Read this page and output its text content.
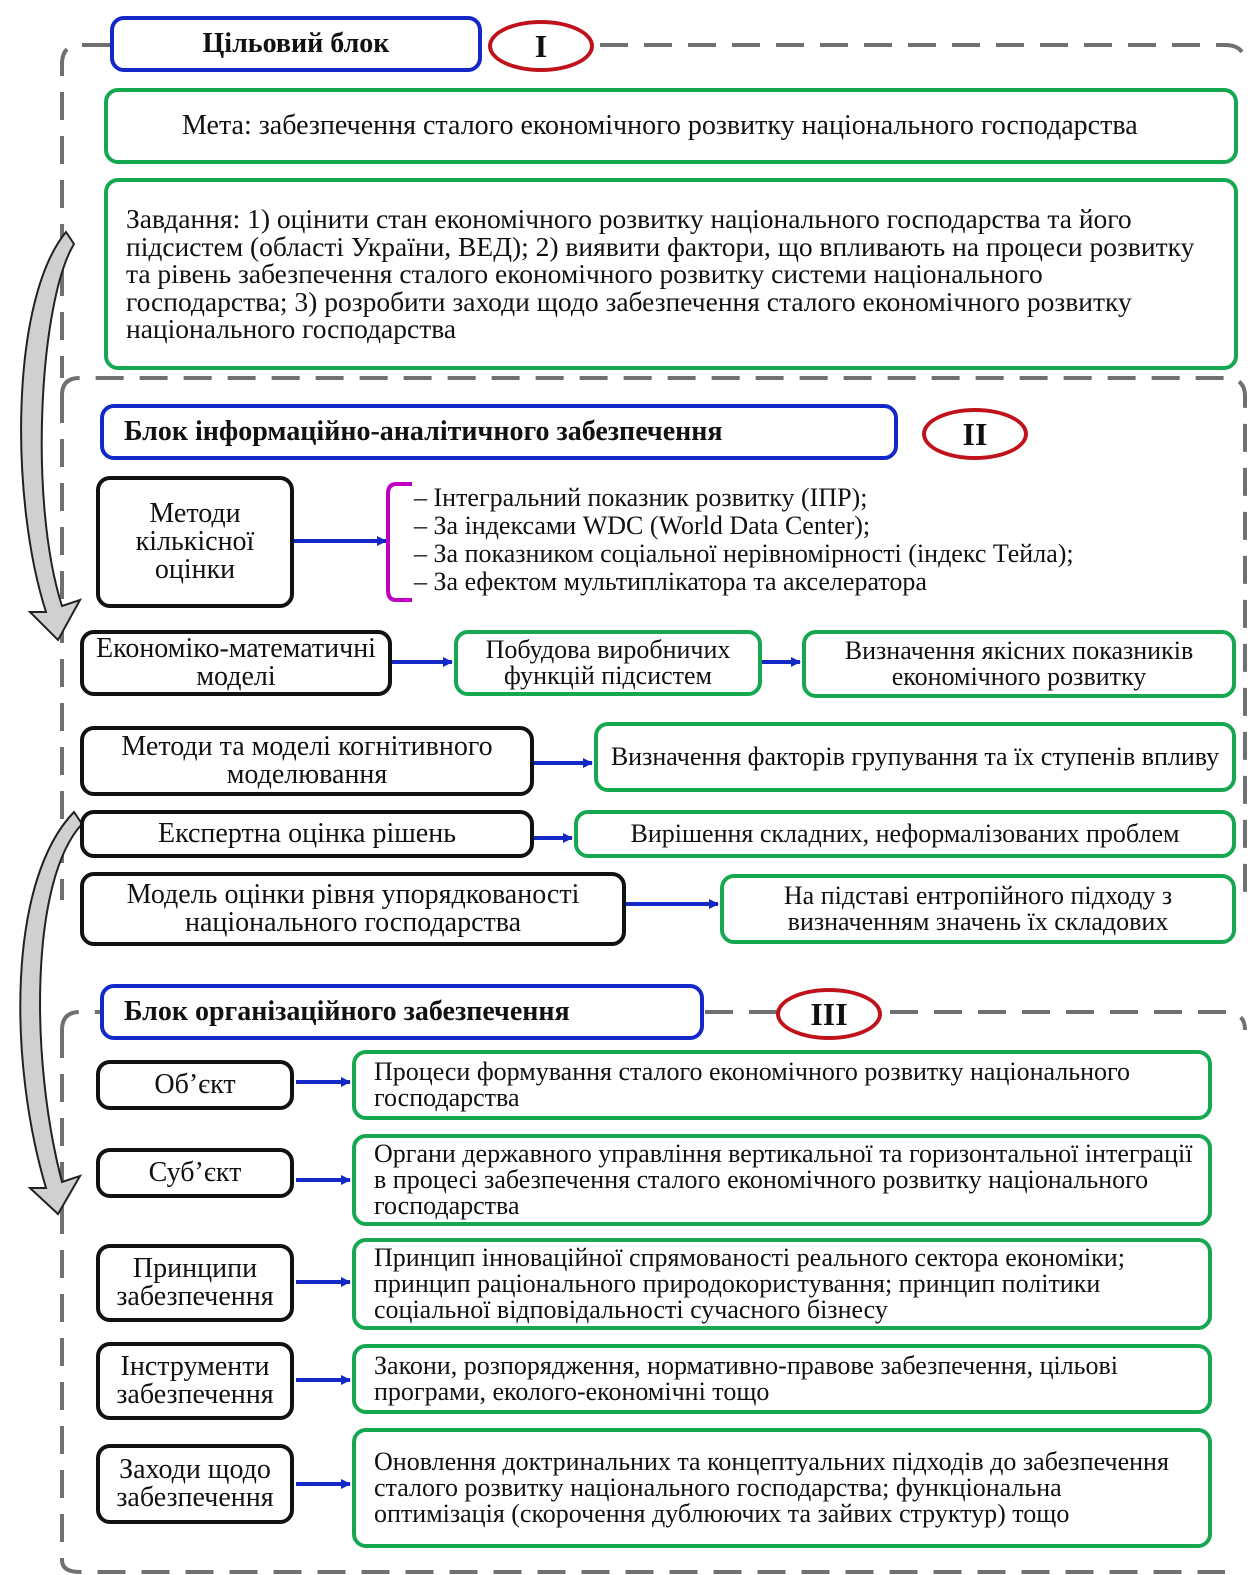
Цільовий блок	I
Мета: забезпечення сталого економічного розвитку національного господарства
Завдання: 1) оцінити стан економічного розвитку національного господарства та його підсистем (області України, ВЕД); 2) виявити фактори, що впливають на процеси розвитку та рівень забезпечення сталого економічного розвитку системи національного господарства; 3) розробити заходи щодо забезпечення сталого економічного розвитку національного господарства
Блок інформаційно-аналітичного забезпечення	II
Методи кількісної оцінки
– Інтегральний показник розвитку (ІПР);
– За індексами WDC (World Data Center);
– За показником соціальної нерівномірності (індекс Тейла);
– За ефектом мультиплікатора та акселератора
Економіко-математичні моделі
Побудова виробничих функцій підсистем
Визначення якісних показників економічного розвитку
Методи та моделі когнітивного моделювання
Визначення факторів групування та їх ступенів впливу
Експертна оцінка рішень	Вирішення складних, неформалізованих проблем
Модель оцінки рівня упорядкованості національного господарства
На підставі ентропійного підходу з визначенням значень їх складових
Блок організаційного забезпечення	III
Об’єкт	Процеси формування сталого економічного розвитку національного господарства
Суб’єкт
Органи державного управління вертикальної та горизонтальної інтеграції в процесі забезпечення сталого економічного розвитку національного господарства
Принципи забезпечення
Принцип інноваційної спрямованості реального сектора економіки; принцип раціонального природокористування; принцип політики соціальної відповідальності сучасного бізнесу
Інструменти забезпечення
Закони, розпорядження, нормативно-правове забезпечення, цільові програми, еколого-економічні тощо
Заходи щодо забезпечення
Оновлення доктринальних та концептуальних підходів до забезпечення сталого розвитку національного господарства; функціональна оптимізація (скорочення дублюючих та зайвих структур) тощо
